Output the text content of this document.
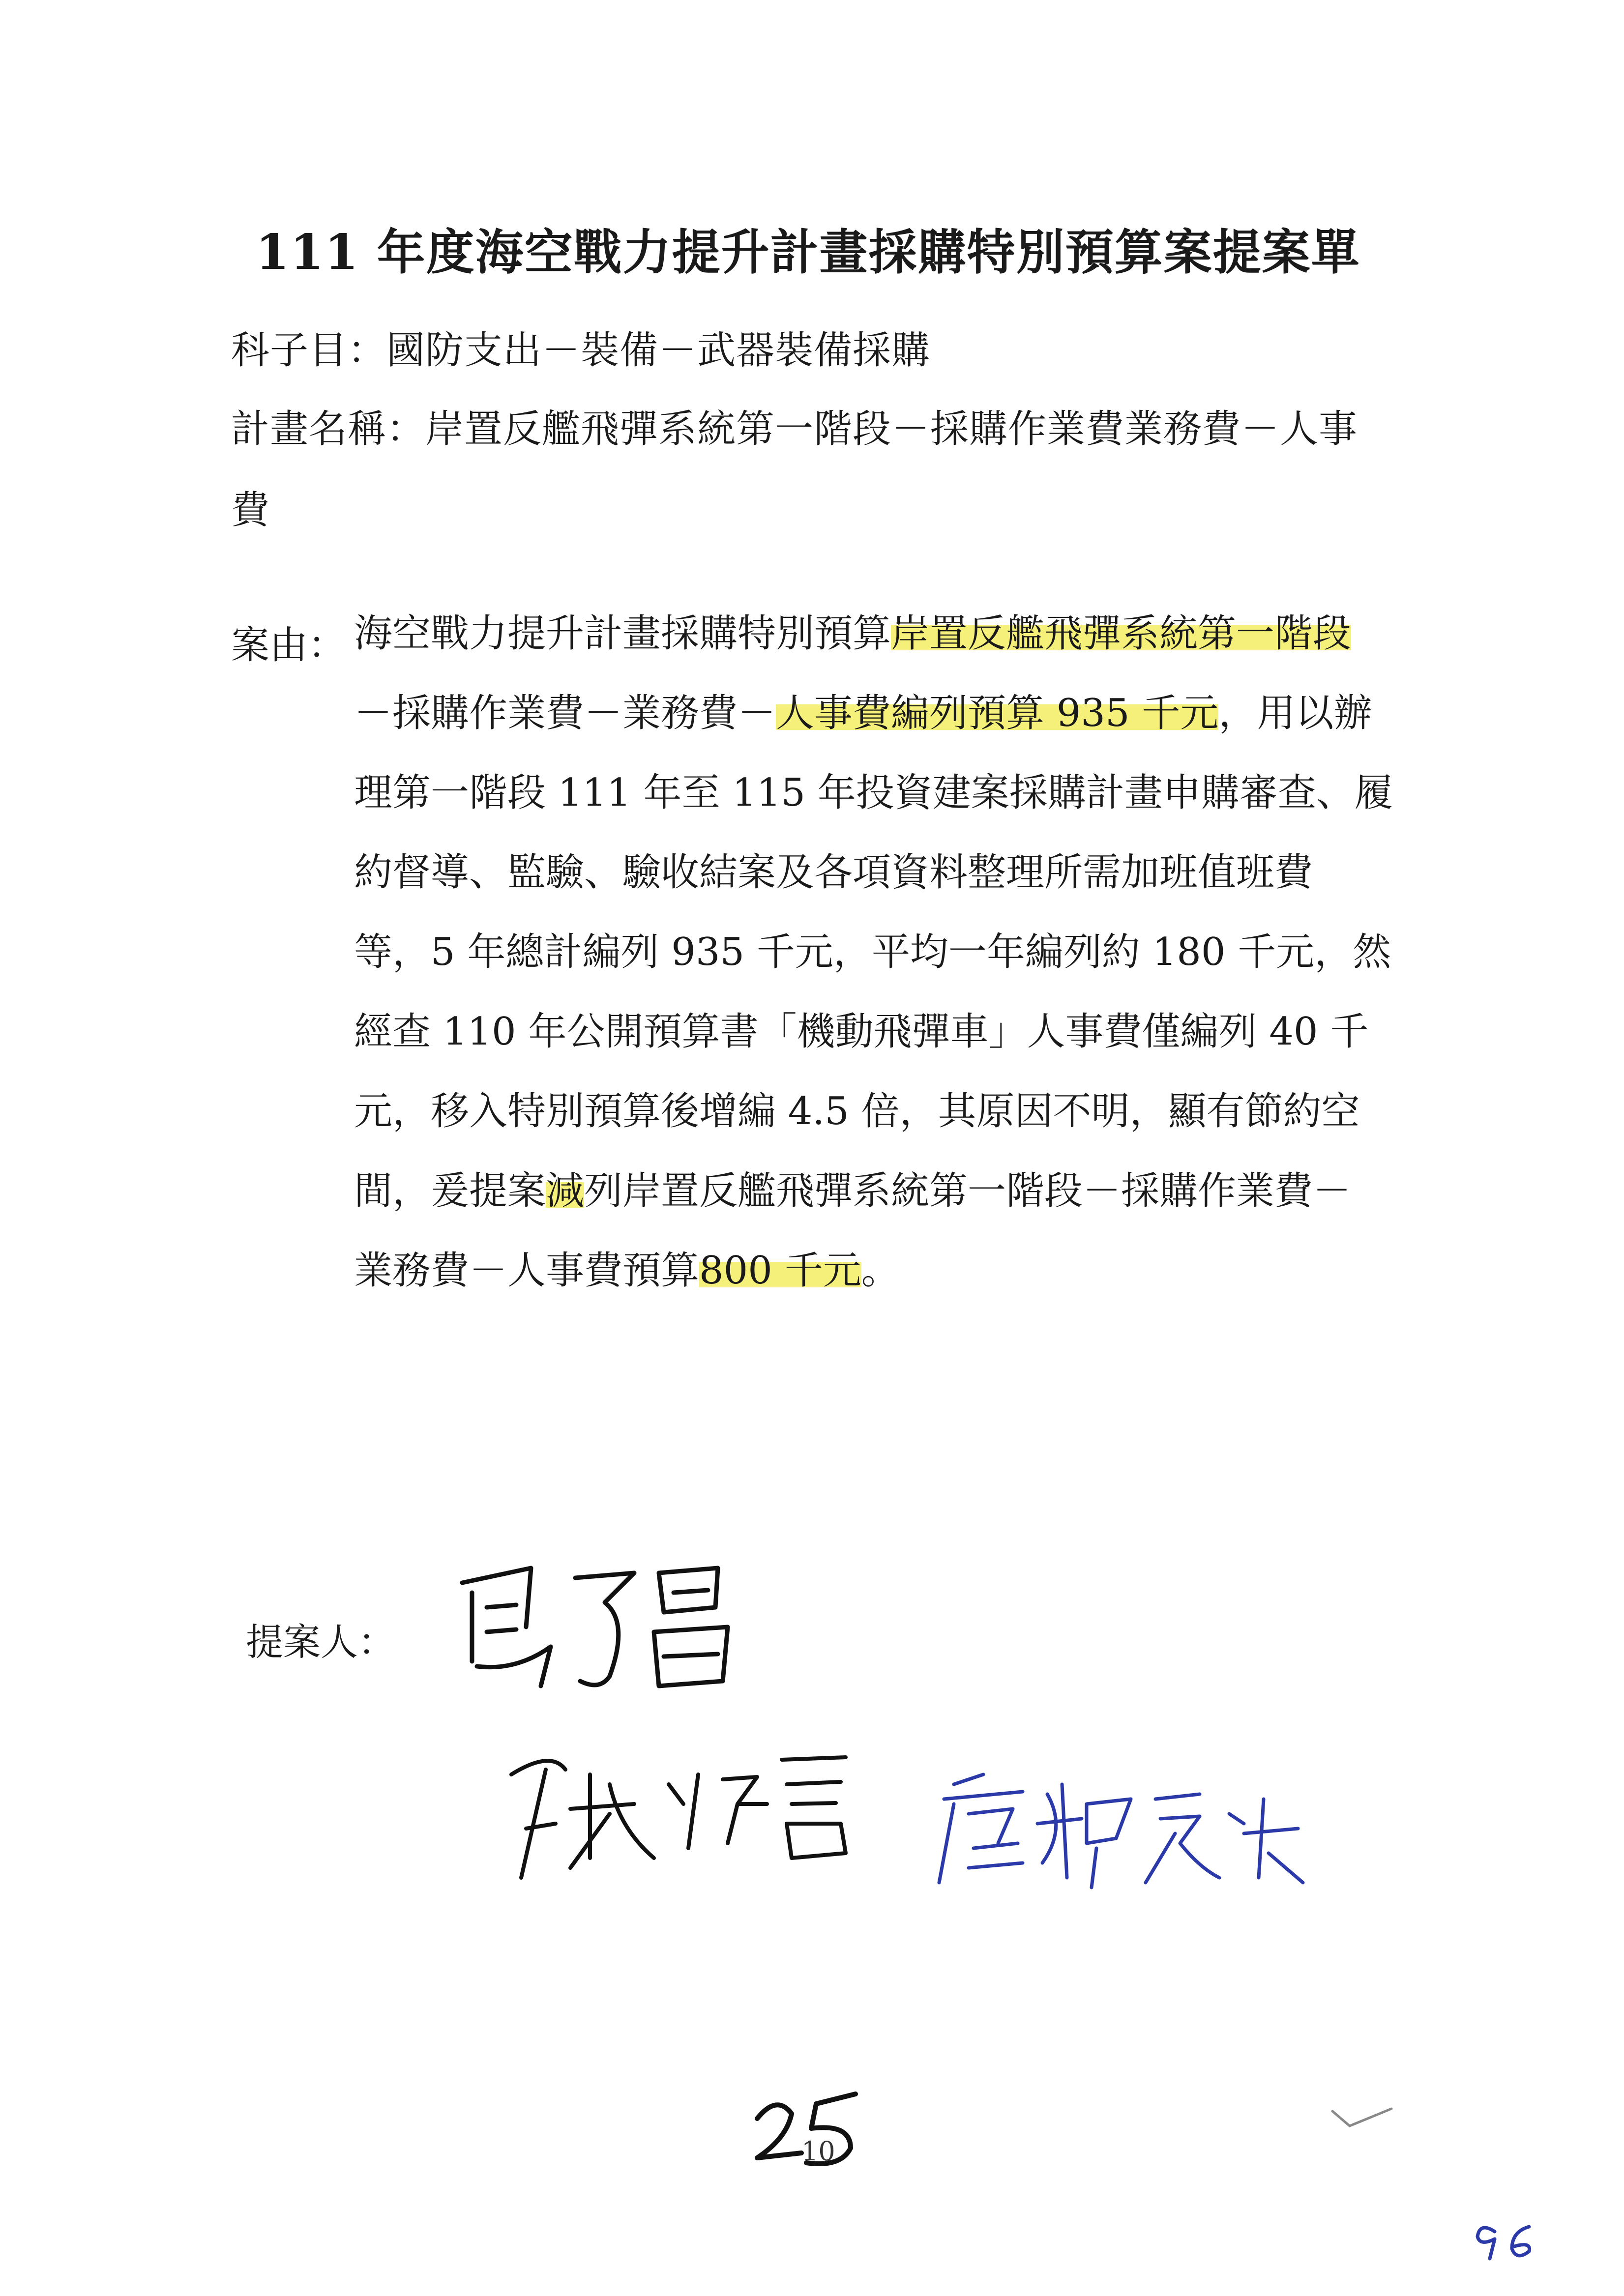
111 年度海空戰力提升計畫採購特別預算案提案單
科子目：國防支出－裝備－武器裝備採購
計畫名稱：岸置反艦飛彈系統第一階段－採購作業費業務費－人事
費
案由： 海空戰力提升計畫採購特別預算岸置反艦飛彈系統第一階段
－採購作業費－業務費－人事費編列預算 935 千元，用以辦
理第一階段 111 年至 115 年投資建案採購計畫申購審查、履
約督導、監驗、驗收結案及各項資料整理所需加班值班費
等，5 年總計編列 935 千元，平均一年編列約 180 千元，然
經查 110 年公開預算書「機動飛彈車」人事費僅編列 40 千
元，移入特別預算後增編 4.5 倍，其原因不明，顯有節約空
間，爰提案減列岸置反艦飛彈系統第一階段－採購作業費－
業務費－人事費預算800 千元。
提案人：
10
